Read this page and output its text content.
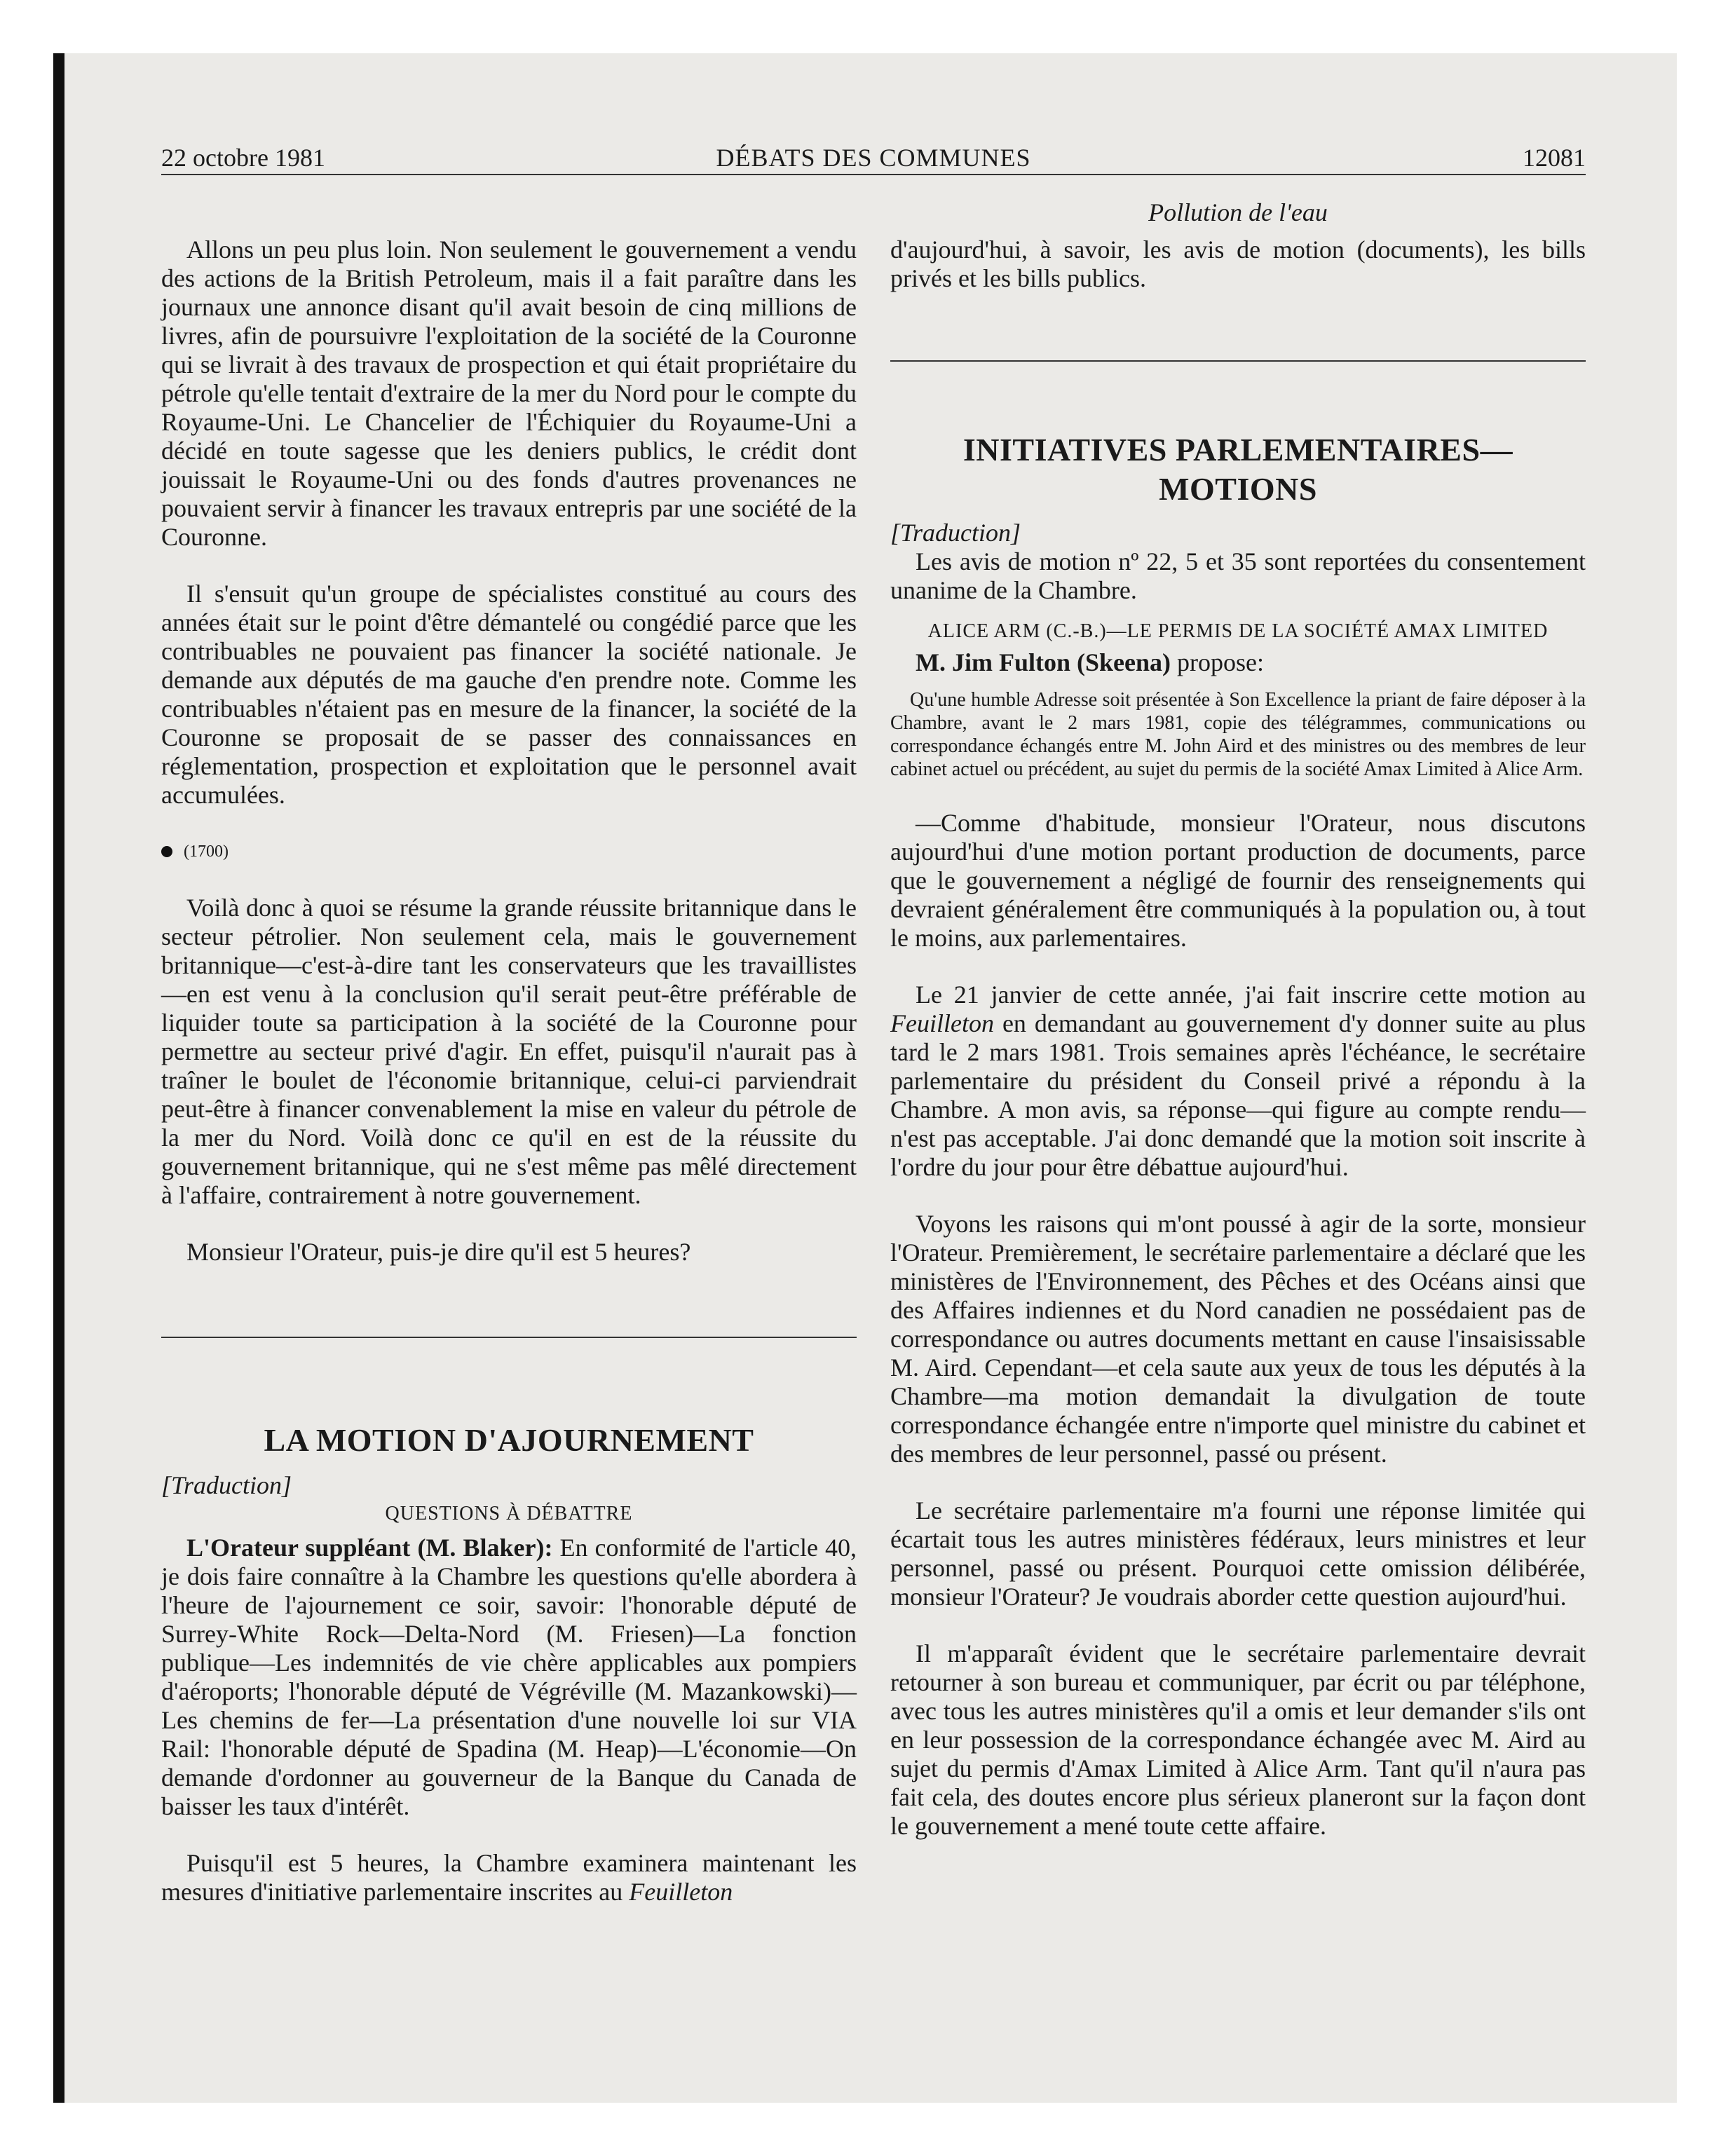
22 octobre 1981	DÉBATS DES COMMUNES	12081
Pollution de l'eau

Allons un peu plus loin. Non seulement le gouvernement a vendu des actions de la British Petroleum, mais il a fait paraître dans les journaux une annonce disant qu'il avait besoin de cinq millions de livres, afin de poursuivre l'exploitation de la société de la Couronne qui se livrait à des travaux de prospection et qui était propriétaire du pétrole qu'elle tentait d'extraire de la mer du Nord pour le compte du Royaume-Uni. Le Chancelier de l'Échiquier du Royaume-Uni a décidé en toute sagesse que les deniers publics, le crédit dont jouissait le Royaume-Uni ou des fonds d'autres provenances ne pouvaient servir à financer les travaux entrepris par une société de la Couronne.

Il s'ensuit qu'un groupe de spécialistes constitué au cours des années était sur le point d'être démantelé ou congédié parce que les contribuables ne pouvaient pas financer la société nationale. Je demande aux députés de ma gauche d'en prendre note. Comme les contribuables n'étaient pas en mesure de la financer, la société de la Couronne se proposait de se passer des connaissances en réglementation, prospection et exploitation que le personnel avait accumulées.

(1700)

Voilà donc à quoi se résume la grande réussite britannique dans le secteur pétrolier. Non seulement cela, mais le gouvernement britannique—c'est-à-dire tant les conservateurs que les travaillistes—en est venu à la conclusion qu'il serait peut-être préférable de liquider toute sa participation à la société de la Couronne pour permettre au secteur privé d'agir. En effet, puisqu'il n'aurait pas à traîner le boulet de l'économie britannique, celui-ci parviendrait peut-être à financer convenablement la mise en valeur du pétrole de la mer du Nord. Voilà donc ce qu'il en est de la réussite du gouvernement britannique, qui ne s'est même pas mêlé directement à l'affaire, contrairement à notre gouvernement.

Monsieur l'Orateur, puis-je dire qu'il est 5 heures?

LA MOTION D'AJOURNEMENT
[Traduction]
QUESTIONS À DÉBATTRE

L'Orateur suppléant (M. Blaker): En conformité de l'article 40, je dois faire connaître à la Chambre les questions qu'elle abordera à l'heure de l'ajournement ce soir, savoir: l'honorable député de Surrey-White Rock—Delta-Nord (M. Friesen)—La fonction publique—Les indemnités de vie chère applicables aux pompiers d'aéroports; l'honorable député de Végréville (M. Mazankowski)—Les chemins de fer—La présentation d'une nouvelle loi sur VIA Rail: l'honorable député de Spadina (M. Heap)—L'économie—On demande d'ordonner au gouverneur de la Banque du Canada de baisser les taux d'intérêt.

Puisqu'il est 5 heures, la Chambre examinera maintenant les mesures d'initiative parlementaire inscrites au Feuilleton

d'aujourd'hui, à savoir, les avis de motion (documents), les bills privés et les bills publics.

INITIATIVES PARLEMENTAIRES— MOTIONS
[Traduction]

Les avis de motion nº 22, 5 et 35 sont reportées du consentement unanime de la Chambre.

ALICE ARM (C.-B.)—LE PERMIS DE LA SOCIÉTÉ AMAX LIMITED

M. Jim Fulton (Skeena) propose:

Qu'une humble Adresse soit présentée à Son Excellence la priant de faire déposer à la Chambre, avant le 2 mars 1981, copie des télégrammes, communications ou correspondance échangés entre M. John Aird et des ministres ou des membres de leur cabinet actuel ou précédent, au sujet du permis de la société Amax Limited à Alice Arm.

—Comme d'habitude, monsieur l'Orateur, nous discutons aujourd'hui d'une motion portant production de documents, parce que le gouvernement a négligé de fournir des renseignements qui devraient généralement être communiqués à la population ou, à tout le moins, aux parlementaires.

Le 21 janvier de cette année, j'ai fait inscrire cette motion au Feuilleton en demandant au gouvernement d'y donner suite au plus tard le 2 mars 1981. Trois semaines après l'échéance, le secrétaire parlementaire du président du Conseil privé a répondu à la Chambre. A mon avis, sa réponse—qui figure au compte rendu—n'est pas acceptable. J'ai donc demandé que la motion soit inscrite à l'ordre du jour pour être débattue aujourd'hui.

Voyons les raisons qui m'ont poussé à agir de la sorte, monsieur l'Orateur. Premièrement, le secrétaire parlementaire a déclaré que les ministères de l'Environnement, des Pêches et des Océans ainsi que des Affaires indiennes et du Nord canadien ne possédaient pas de correspondance ou autres documents mettant en cause l'insaisissable M. Aird. Cependant—et cela saute aux yeux de tous les députés à la Chambre—ma motion demandait la divulgation de toute correspondance échangée entre n'importe quel ministre du cabinet et des membres de leur personnel, passé ou présent.

Le secrétaire parlementaire m'a fourni une réponse limitée qui écartait tous les autres ministères fédéraux, leurs ministres et leur personnel, passé ou présent. Pourquoi cette omission délibérée, monsieur l'Orateur? Je voudrais aborder cette question aujourd'hui.

Il m'apparaît évident que le secrétaire parlementaire devrait retourner à son bureau et communiquer, par écrit ou par téléphone, avec tous les autres ministères qu'il a omis et leur demander s'ils ont en leur possession de la correspondance échangée avec M. Aird au sujet du permis d'Amax Limited à Alice Arm. Tant qu'il n'aura pas fait cela, des doutes encore plus sérieux planeront sur la façon dont le gouvernement a mené toute cette affaire.
